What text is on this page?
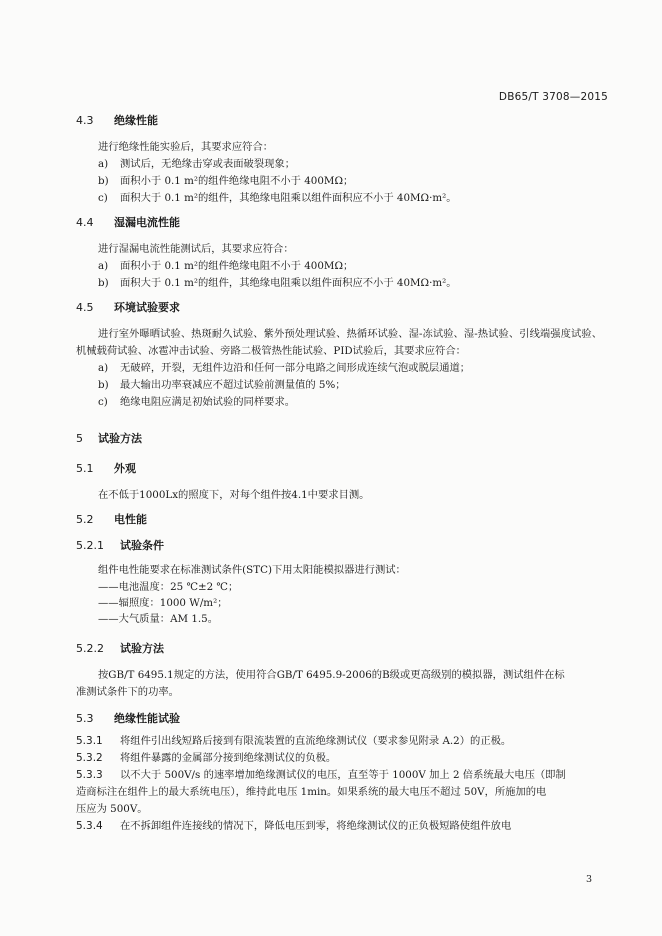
DB65/T 3708—2015
4.3 绝缘性能
进行绝缘性能实验后，其要求应符合：
a) 测试后，无绝缘击穿或表面破裂现象；
b) 面积小于 0.1 m²的组件绝缘电阻不小于 400MΩ；
c) 面积大于 0.1 m²的组件，其绝缘电阻乘以组件面积应不小于 40MΩ·m²。
4.4 湿漏电流性能
进行湿漏电流性能测试后，其要求应符合：
a) 面积小于 0.1 m²的组件绝缘电阻不小于 400MΩ；
b) 面积大于 0.1 m²的组件，其绝缘电阻乘以组件面积应不小于 40MΩ·m²。
4.5 环境试验要求
进行室外曝晒试验、热斑耐久试验、紫外预处理试验、热循环试验、湿-冻试验、湿-热试验、引线端强度试验、机械载荷试验、冰雹冲击试验、旁路二极管热性能试验、PID试验后，其要求应符合：
a) 无破碎，开裂，无组件边沿和任何一部分电路之间形成连续气泡或脱层通道；
b) 最大输出功率衰减应不超过试验前测量值的 5%；
c) 绝缘电阻应满足初始试验的同样要求。
5 试验方法
5.1 外观
在不低于1000Lx的照度下，对每个组件按4.1中要求目测。
5.2 电性能
5.2.1 试验条件
组件电性能要求在标准测试条件(STC)下用太阳能模拟器进行测试：
——电池温度：25 ℃±2 ℃；
——辐照度：1000 W/m²；
——大气质量：AM 1.5。
5.2.2 试验方法
按GB/T 6495.1规定的方法，使用符合GB/T 6495.9-2006的B级或更高级别的模拟器，测试组件在标
准测试条件下的功率。
5.3 绝缘性能试验
5.3.1 将组件引出线短路后接到有限流装置的直流绝缘测试仪（要求参见附录 A.2）的正极。
5.3.2 将组件暴露的金属部分接到绝缘测试仪的负极。
5.3.3 以不大于 500V/s 的速率增加绝缘测试仪的电压，直至等于 1000V 加上 2 倍系统最大电压（即制
造商标注在组件上的最大系统电压），维持此电压 1min。如果系统的最大电压不超过 50V，所施加的电
压应为 500V。
5.3.4 在不拆卸组件连接线的情况下，降低电压到零，将绝缘测试仪的正负极短路使组件放电
3
